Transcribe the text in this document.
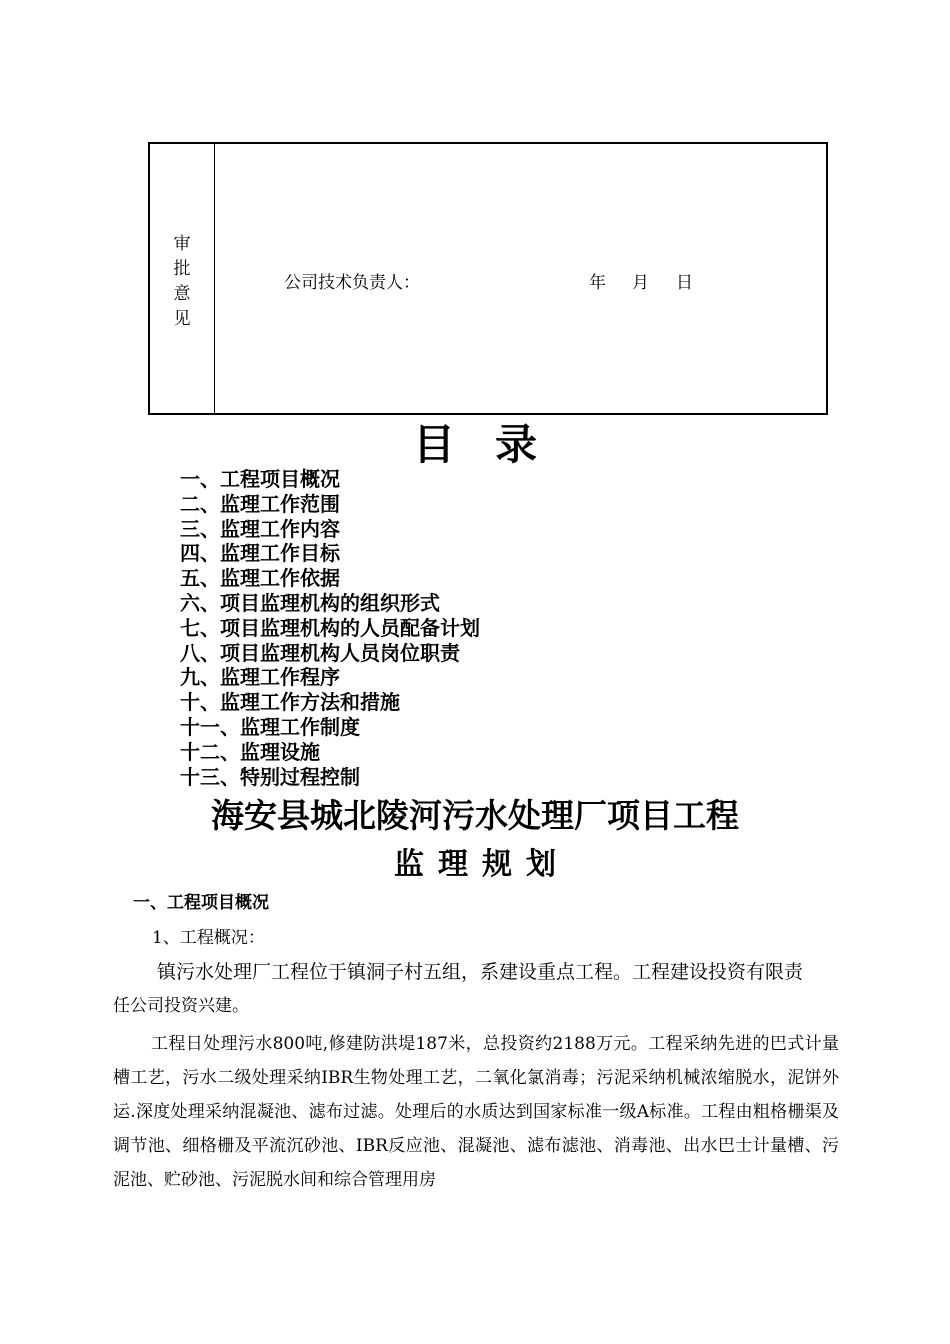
审
批
意
见
公司技术负责人：	年 月 日
目录
一、工程项目概况
二、监理工作范围
三、监理工作内容
四、监理工作目标
五、监理工作依据
六、项目监理机构的组织形式
七、项目监理机构的人员配备计划
八、项目监理机构人员岗位职责
九、监理工作程序
十、监理工作方法和措施
十一、监理工作制度
十二、监理设施
十三、特别过程控制
海安县城北陵河污水处理厂项目工程
监理规划
一、工程项目概况
1、工程概况：
镇污水处理厂工程位于镇洞子村五组，系建设重点工程。工程建设投资有限责
任公司投资兴建。

工程日处理污水800吨,修建防洪堤187米，总投资约2188万元。工程采纳先进的巴式计量槽工艺，污水二级处理采纳IBR生物处理工艺，二氧化氯消毒；污泥采纳机械浓缩脱水，泥饼外运.深度处理采纳混凝池、滤布过滤。处理后的水质达到国家标准一级A标准。工程由粗格栅渠及调节池、细格栅及平流沉砂池、IBR反应池、混凝池、滤布滤池、消毒池、出水巴士计量槽、污泥池、贮砂池、污泥脱水间和综合管理用房
